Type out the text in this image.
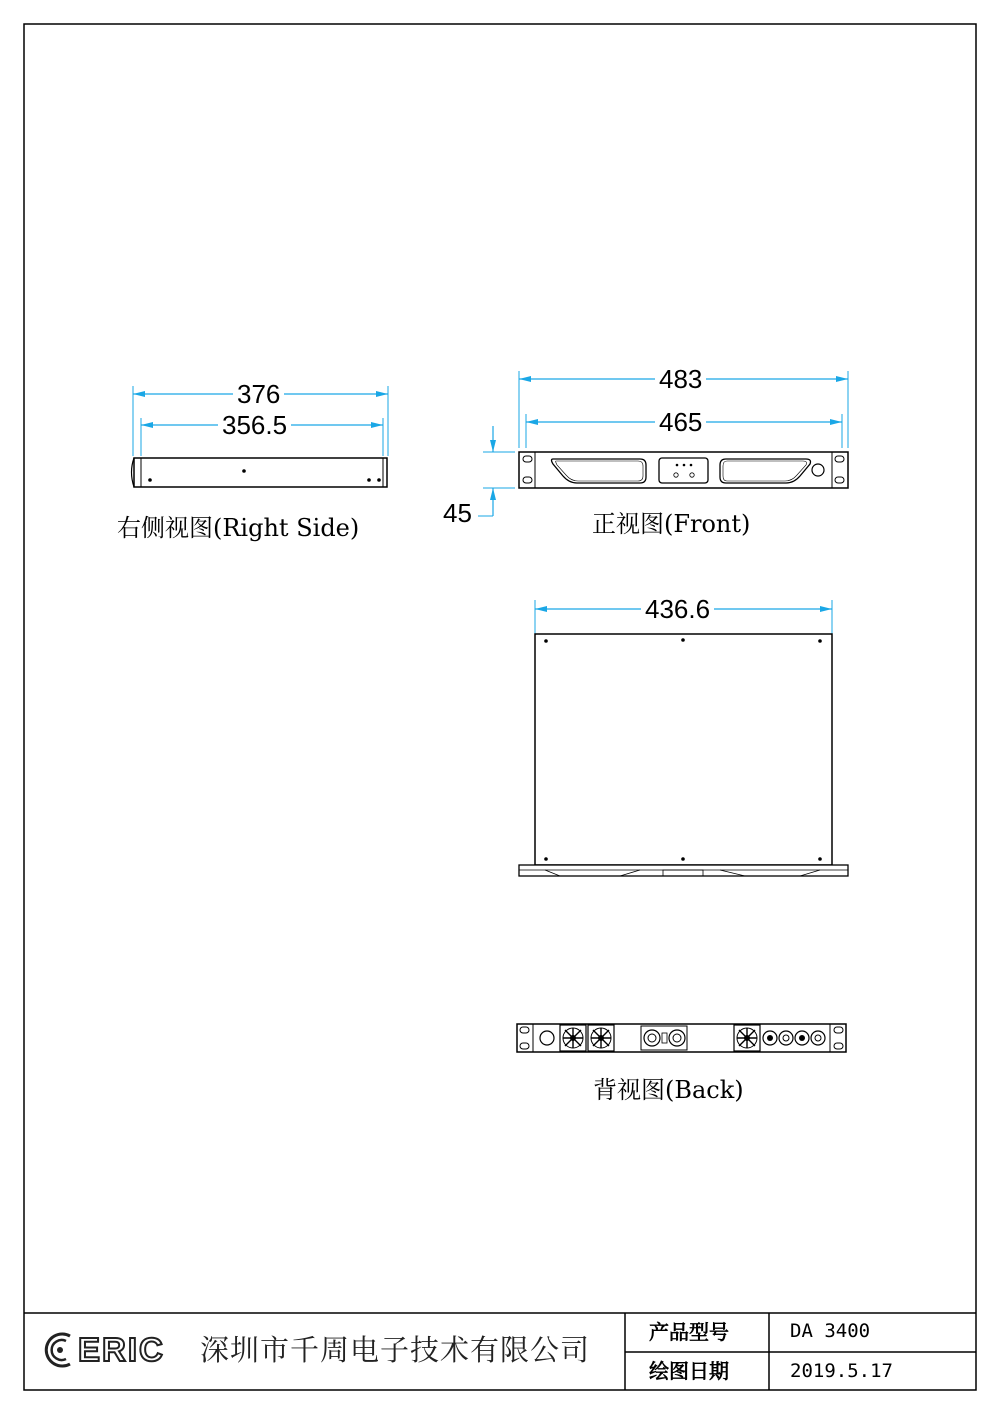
右侧视图(Right Side)	正视图(Front)
背视图(Back)
376
356.5
483
465
45
436.6
ERIC 深圳市千周电子技术有限公司
产品型号	DA 3400
绘图日期	2019.5.17
